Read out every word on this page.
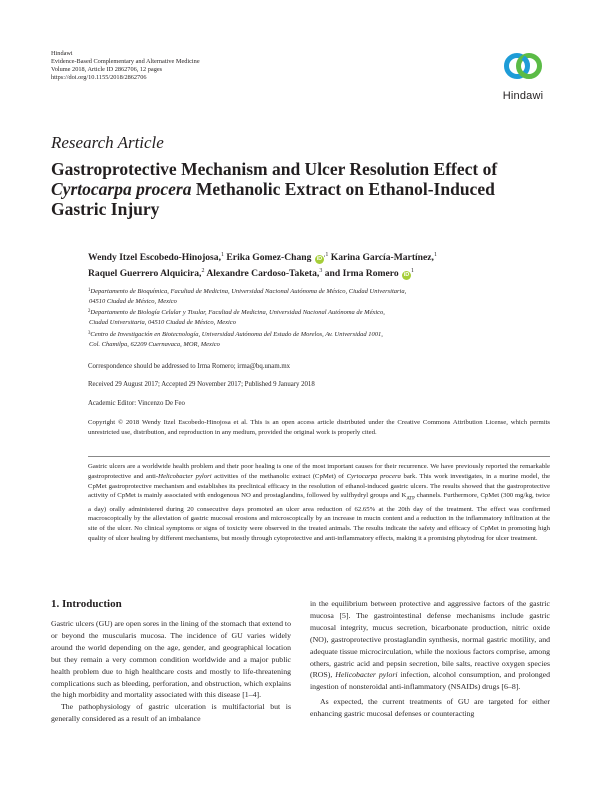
Hindawi
Evidence-Based Complementary and Alternative Medicine
Volume 2018, Article ID 2862706, 12 pages
https://doi.org/10.1155/2018/2862706
Hindawi
Research Article
Gastroprotective Mechanism and Ulcer Resolution Effect of Cyrtocarpa procera Methanolic Extract on Ethanol-Induced Gastric Injury
Wendy Itzel Escobedo-Hinojosa,$^1$ Erika Gomez-Chang $iD^{,1}$ Karina García-Martínez,$^1$
Raquel Guerrero Alquicira,$^2$ Alexandre Cardoso-Taketa,$^3$ and Irma Romero $iD^1$
$^1$Departamento de Bioquímica, Facultad de Medicina, Universidad Nacional Autónoma de México, Ciudad Universitaria,
04510 Ciudad de México, Mexico
$^2$Departamento de Biología Celular y Tisular, Facultad de Medicina, Universidad Nacional Autónoma de México,
Ciudad Universitaria, 04510 Ciudad de México, Mexico
$^3$Centro de Investigación en Biotecnología, Universidad Autónoma del Estado de Morelos, Av. Universidad 1001,
Col. Chamilpa, 62209 Cuernavaca, MOR, Mexico
Correspondence should be addressed to Irma Romero; irma@bq.unam.mx
Received 29 August 2017; Accepted 29 November 2017; Published 9 January 2018
Academic Editor: Vincenzo De Feo
Copyright © 2018 Wendy Itzel Escobedo-Hinojosa et al. This is an open access article distributed under the Creative Commons Attribution License, which permits unrestricted use, distribution, and reproduction in any medium, provided the original work is properly cited.
Gastric ulcers are a worldwide health problem and their poor healing is one of the most important causes for their recurrence. We have previously reported the remarkable gastroprotective and anti-Helicobacter pylori activities of the methanolic extract (CpMet) of Cyrtocarpa procera bark. This work investigates, in a murine model, the CpMet gastroprotective mechanism and establishes its preclinical efficacy in the resolution of ethanol-induced gastric ulcers. The results showed that the gastroprotective activity of CpMet is mainly associated with endogenous NO and prostaglandins, followed by sulfhydryl groups and $K_{ATP}$ channels. Furthermore, CpMet (300 mg/kg, twice a day) orally administered during 20 consecutive days promoted an ulcer area reduction of 62.65% at the 20th day of the treatment. The effect was confirmed macroscopically by the alleviation of gastric mucosal erosions and microscopically by an increase in mucin content and a reduction in the inflammatory infiltration at the site of the ulcer. No clinical symptoms or signs of toxicity were observed in the treated animals. The results indicate the safety and efficacy of CpMet in promoting high quality of ulcer healing by different mechanisms, but mostly through cytoprotective and anti-inflammatory effects, making it a promising phytodrug for ulcer treatment.
1. Introduction

Gastric ulcers (GU) are open sores in the lining of the stomach that extend to or beyond the muscularis mucosa. The incidence of GU varies widely around the world depending on the age, gender, and geographical location but they remain a very common condition worldwide and a major public health problem due to high healthcare costs and mostly to life-threatening complications such as bleeding, perforation, and obstruction, which explains the high morbidity and mortality associated with this disease [1–4].

The pathophysiology of gastric ulceration is multifactorial but is generally considered as a result of an imbalance

in the equilibrium between protective and aggressive factors of the gastric mucosa [5]. The gastrointestinal defense mechanisms include gastric mucosal integrity, mucus secretion, bicarbonate production, nitric oxide (NO), gastroprotective prostaglandin synthesis, normal gastric motility, and adequate tissue microcirculation, while the noxious factors comprise, among others, gastric acid and pepsin secretion, bile salts, reactive oxygen species (ROS), Helicobacter pylori infection, alcohol consumption, and prolonged ingestion of nonsteroidal anti-inflammatory (NSAIDs) drugs [6–8].

As expected, the current treatments of GU are targeted for either enhancing gastric mucosal defenses or counteracting
